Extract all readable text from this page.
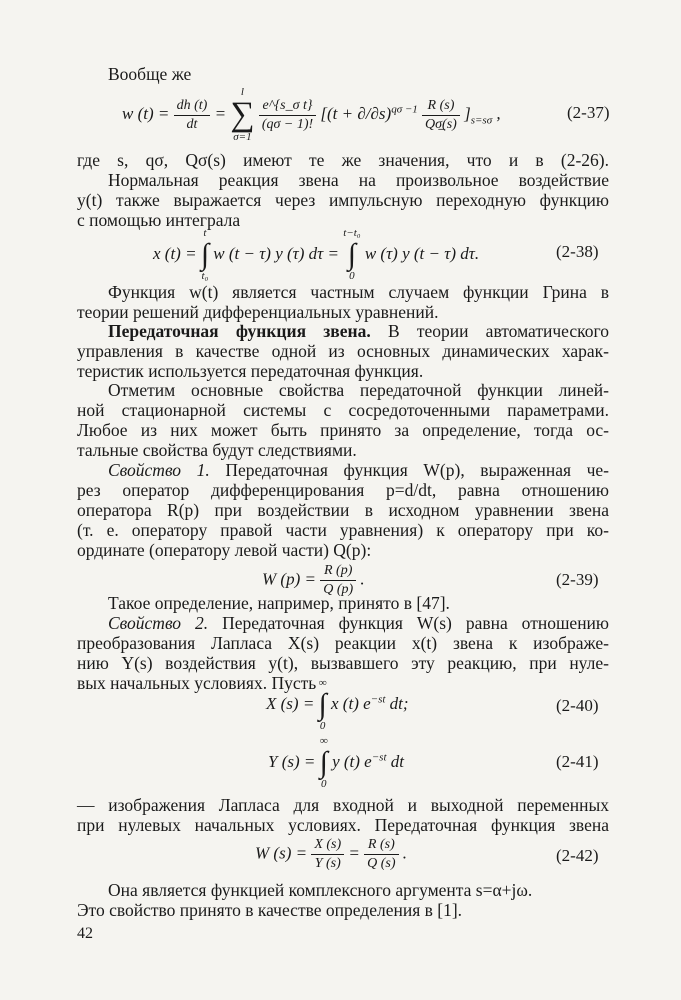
Вообще же
w $(t) = \frac{dh (t)}{dt}$ =
l
∑
σ=1

$\frac{\text{e\textasciicircum{}\{s\_σ t\}}}{(q\sigma - 1)!} [(t + \partial/\partial s)^{q\sigma -1} \frac{R (s)}{Q\sigma̲(s)} ]_{s=s\sigma}$ ,	(2-37)
где s, qσ, Qσ(s) имеют те же значения, что и в (2-26).
Нормальная реакция звена на произвольное воздействие
y(t) также выражается через импульсную переходную функцию
с помощью интеграла
x (t) =
t
∫
t₀
w (t − τ) y (τ) dτ =
t−t₀
∫
0
w (τ) y (t − τ) dτ.	(2-38)
Функция w(t) является частным случаем функции Грина в
теории решений дифференциальных уравнений.
Передаточная функция звена. В теории автоматического
управления в качестве одной из основных динамических харак-
теристик используется передаточная функция.
Отметим основные свойства передаточной функции линей-
ной стационарной системы с сосредоточенными параметрами.
Любое из них может быть принято за определение, тогда ос-
тальные свойства будут следствиями.
Свойство 1. Передаточная функция W(p), выраженная че-
рез оператор дифференцирования p=d/dt, равна отношению
оператора R(p) при воздействии в исходном уравнении звена
(т. е. оператору правой части уравнения) к оператору при ко-
ординате (оператору левой части) Q(p):
W $(p) = \frac{R (p)}{Q (p)}$ .	(2-39)
Такое определение, например, принято в [47].
Свойство 2. Передаточная функция W(s) равна отношению
преобразования Лапласа X(s) реакции x(t) звена к изображе-
нию Y(s) воздействия y(t), вызвавшего эту реакцию, при нуле-
вых начальных условиях. Пусть
X (s) =
∞
∫
0
x (t) $e^{-st}$ dt;	(2-40)
Y (s) =
∞
∫
0
y (t) $e^{-st}$ dt	(2-41)
— изображения Лапласа для входной и выходной переменных
при нулевых начальных условиях. Передаточная функция звена
W $(s) = \frac{X (s)}{Y (s)} = \frac{R (s)}{Q (s)}$ .	(2-42)
Она является функцией комплексного аргумента s=α+jω.
Это свойство принято в качестве определения в [1].
42
